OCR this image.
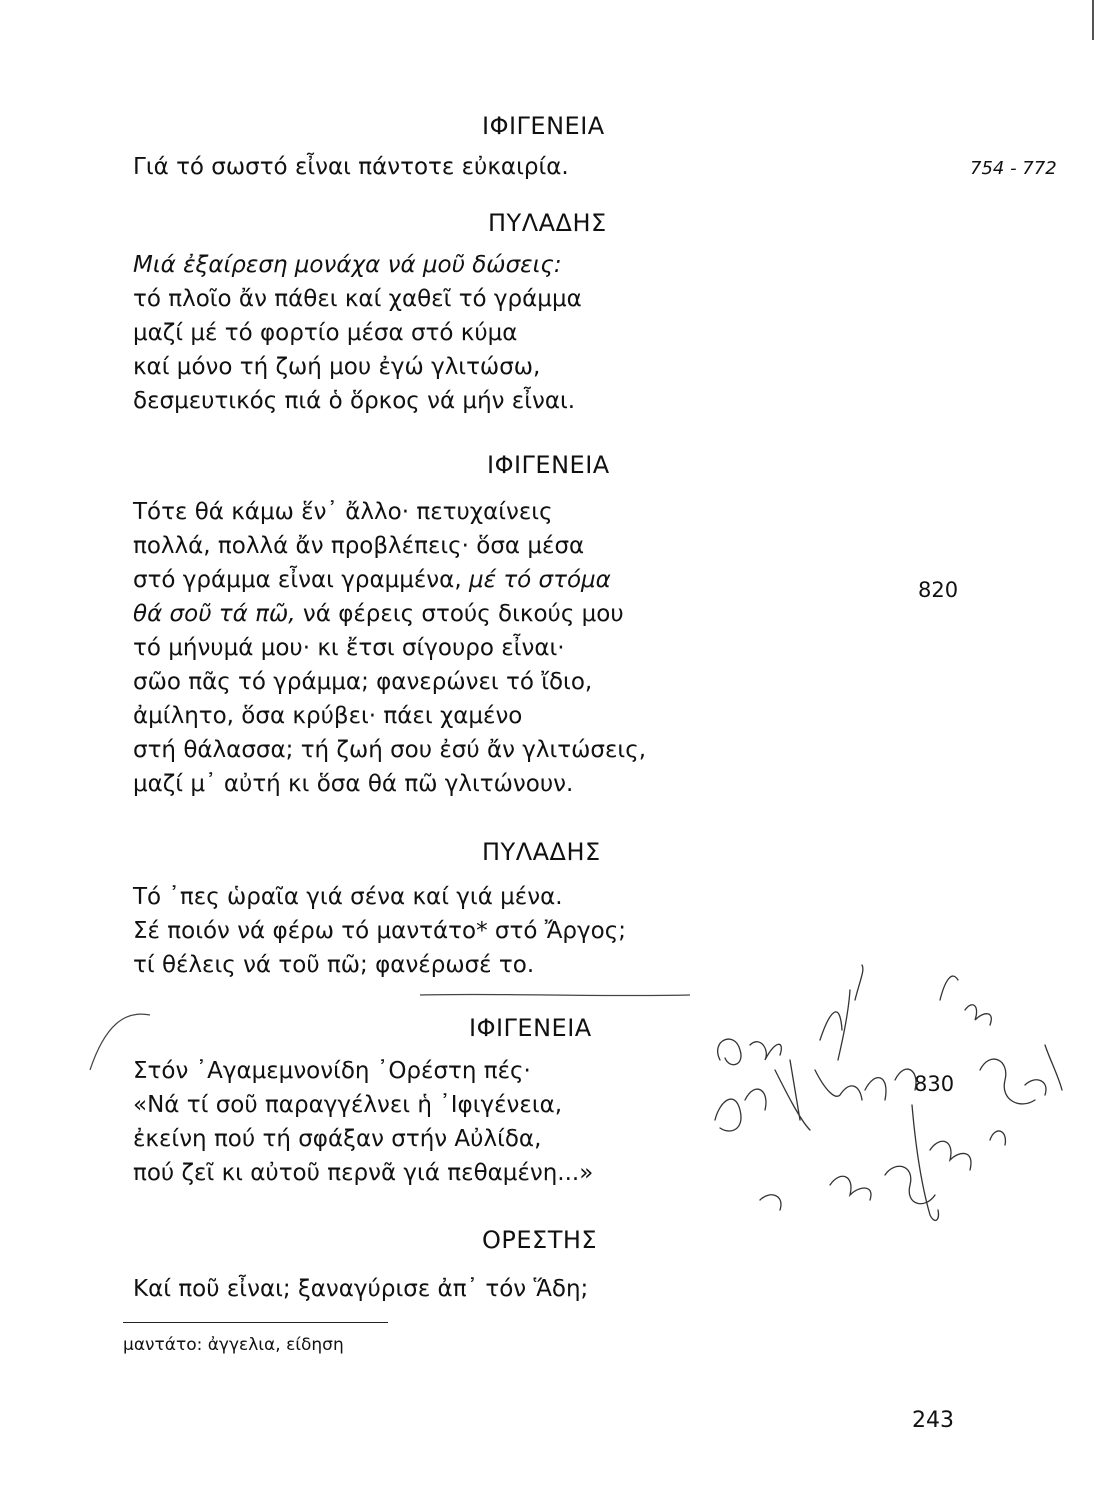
ΙΦΙΓΕΝΕΙΑ
Γιά τό σωστό εἶναι πάντοτε εὐκαιρία.	754 - 772
ΠΥΛΑΔΗΣ
Μιά ἐξαίρεση μονάχα νά μοῦ δώσεις:
τό πλοῖο ἄν πάθει καί χαθεῖ τό γράμμα
μαζί μέ τό φορτίο μέσα στό κύμα
καί μόνο τή ζωή μου ἐγώ γλιτώσω,
δεσμευτικός πιά ὁ ὅρκος νά μήν εἶναι.
ΙΦΙΓΕΝΕΙΑ
Τότε θά κάμω ἕν᾽ ἄλλο· πετυχαίνεις
πολλά, πολλά ἄν προβλέπεις· ὅσα μέσα
στό γράμμα εἶναι γραμμένα, μέ τό στόμα
θά σοῦ τά πῶ, νά φέρεις στούς δικούς μου
τό μήνυμά μου· κι ἔτσι σίγουρο εἶναι·
σῶο πᾶς τό γράμμα; φανερώνει τό ἴδιο,
ἀμίλητο, ὅσα κρύβει· πάει χαμένο
στή θάλασσα; τή ζωή σου ἐσύ ἄν γλιτώσεις,
μαζί μ᾽ αὐτή κι ὅσα θά πῶ γλιτώνουν.
820
ΠΥΛΑΔΗΣ
Τό ᾽πες ὡραῖα γιά σένα καί γιά μένα.
Σέ ποιόν νά φέρω τό μαντάτο* στό Ἄργος;
τί θέλεις νά τοῦ πῶ; φανέρωσέ το.
ΙΦΙΓΕΝΕΙΑ
Στόν ᾽Αγαμεμνονίδη ᾽Ορέστη πές·
«Νά τί σοῦ παραγγέλνει ἡ ᾽Ιφιγένεια,
ἐκείνη πού τή σφάξαν στήν Αὐλίδα,
πού ζεῖ κι αὐτοῦ περνᾶ γιά πεθαμένη...»
830
ΟΡΕΣΤΗΣ
Καί ποῦ εἶναι; ξαναγύρισε ἀπ᾽ τόν Ἅδη;
μαντάτο: ἀγγελια, είδηση
243
